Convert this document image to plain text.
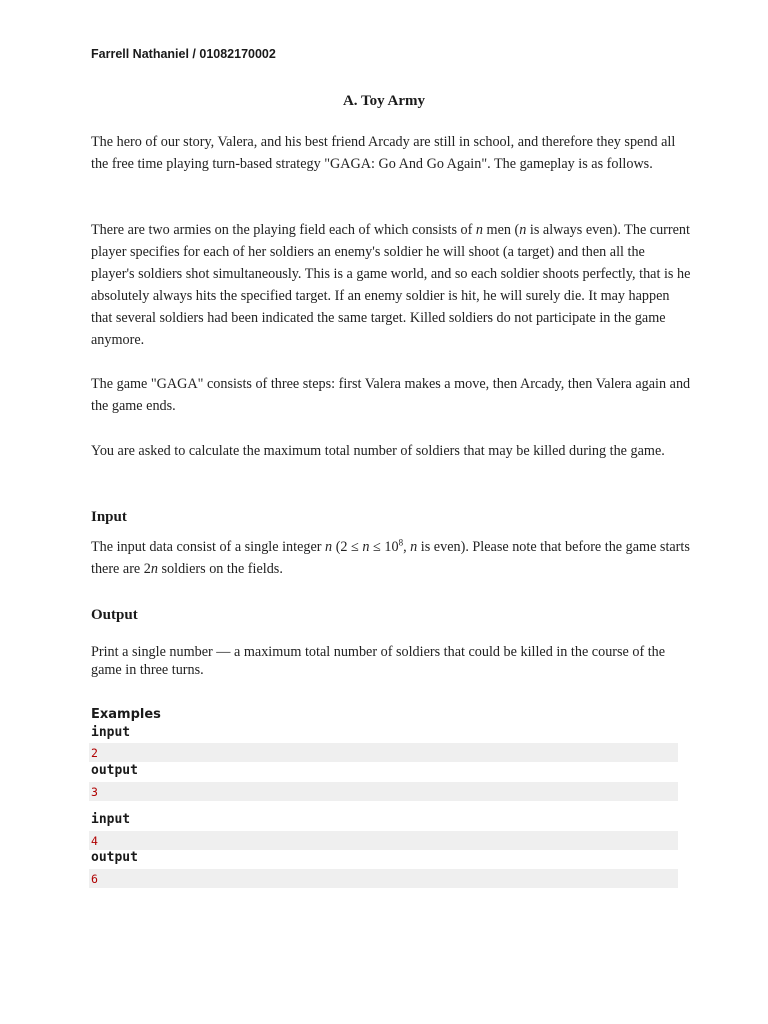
Farrell Nathaniel / 01082170002
A. Toy Army

The hero of our story, Valera, and his best friend Arcady are still in school, and therefore they spend all the free time playing turn-based strategy "GAGA: Go And Go Again". The gameplay is as follows.

There are two armies on the playing field each of which consists of n men (n is always even). The current player specifies for each of her soldiers an enemy's soldier he will shoot (a target) and then all the player's soldiers shot simultaneously. This is a game world, and so each soldier shoots perfectly, that is he absolutely always hits the specified target. If an enemy soldier is hit, he will surely die. It may happen that several soldiers had been indicated the same target. Killed soldiers do not participate in the game anymore.

The game "GAGA" consists of three steps: first Valera makes a move, then Arcady, then Valera again and the game ends.

You are asked to calculate the maximum total number of soldiers that may be killed during the game.

Input

The input data consist of a single integer n ($2 \le n \le 10^8$, n is even). Please note that before the game starts there are 2n soldiers on the fields.

Output

Print a single number — a maximum total number of soldiers that could be killed in the course of the game in three turns.

Examples
input
2
output
3
input
4
output
6
